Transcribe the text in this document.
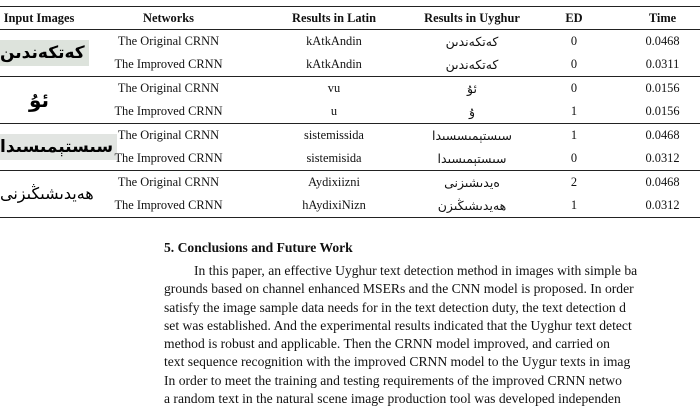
Input Images	Networks	Results in Latin	Results in Uyghur	ED	Time
كەتكەندىن	The Original CRNN	kAtkAndin	كەتكەندىن	0	0.0468
	The Improved CRNN	kAtkAndin	كەتكەندىن	0	0.0311
ئۇ	The Original CRNN	vu	ئۇ	0	0.0156
	The Improved CRNN	u	ۇ	1	0.0156
سىستېمىسىدا	The Original CRNN	sistemissida	سىستېمىسسىدا	1	0.0468
	The Improved CRNN	sistemisida	سىستېمىسىدا	0	0.0312
ھەيدىشىڭىزنى	The Original CRNN	Aydixiizni	ەيدىشىزنى	2	0.0468
	The Improved CRNN	hAydixiNizn	ھەيدىشىڭىزن	1	0.0312
5. Conclusions and Future Work

In this paper, an effective Uyghur text detection method in images with simple ba
grounds based on channel enhanced MSERs and the CNN model is proposed. In order
satisfy the image sample data needs for in the text detection duty, the text detection d
set was established. And the experimental results indicated that the Uyghur text detect
method is robust and applicable. Then the CRNN model improved, and carried on
text sequence recognition with the improved CRNN model to the Uygur texts in imag
In order to meet the training and testing requirements of the improved CRNN netwo
a random text in the natural scene image production tool was developed independen
